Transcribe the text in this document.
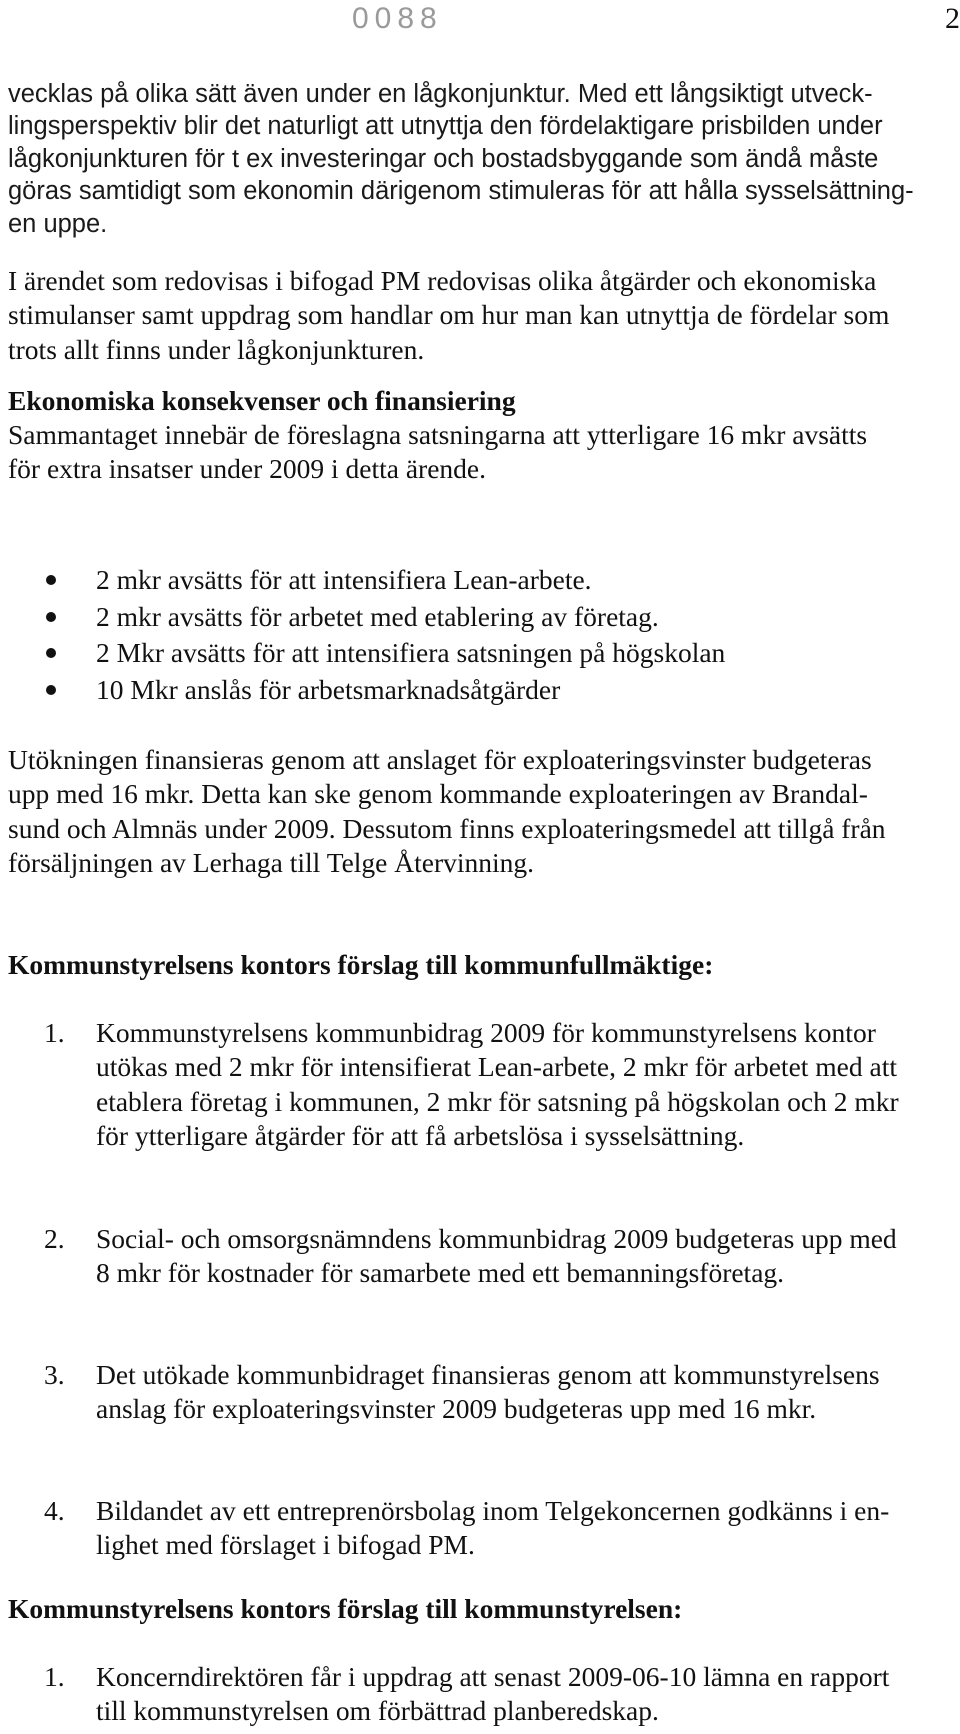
0088	2
vecklas på olika sätt även under en lågkonjunktur. Med ett långsiktigt utveck-
lingsperspektiv blir det naturligt att utnyttja den fördelaktigare prisbilden under
lågkonjunkturen för t ex investeringar och bostadsbyggande som ändå måste
göras samtidigt som ekonomin därigenom stimuleras för att hålla sysselsättning-
en uppe.
I ärendet som redovisas i bifogad PM redovisas olika åtgärder och ekonomiska
stimulanser samt uppdrag som handlar om hur man kan utnyttja de fördelar som
trots allt finns under lågkonjunkturen.
Ekonomiska konsekvenser och finansiering
Sammantaget innebär de föreslagna satsningarna att ytterligare 16 mkr avsätts
för extra insatser under 2009 i detta ärende.
2 mkr avsätts för att intensifiera Lean-arbete.
2 mkr avsätts för arbetet med etablering av företag.
2 Mkr avsätts för att intensifiera satsningen på högskolan
10 Mkr anslås för arbetsmarknadsåtgärder
Utökningen finansieras genom att anslaget för exploateringsvinster budgeteras
upp med 16 mkr. Detta kan ske genom kommande exploateringen av Brandal-
sund och Almnäs under 2009. Dessutom finns exploateringsmedel att tillgå från
försäljningen av Lerhaga till Telge Återvinning.
Kommunstyrelsens kontors förslag till kommunfullmäktige:
1. Kommunstyrelsens kommunbidrag 2009 för kommunstyrelsens kontor
utökas med 2 mkr för intensifierat Lean-arbete, 2 mkr för arbetet med att
etablera företag i kommunen, 2 mkr för satsning på högskolan och 2 mkr
för ytterligare åtgärder för att få arbetslösa i sysselsättning.
2. Social- och omsorgsnämndens kommunbidrag 2009 budgeteras upp med
8 mkr för kostnader för samarbete med ett bemanningsföretag.
3. Det utökade kommunbidraget finansieras genom att kommunstyrelsens
anslag för exploateringsvinster 2009 budgeteras upp med 16 mkr.
4. Bildandet av ett entreprenörsbolag inom Telgekoncernen godkänns i en-
lighet med förslaget i bifogad PM.
Kommunstyrelsens kontors förslag till kommunstyrelsen:
1. Koncerndirektören får i uppdrag att senast 2009-06-10 lämna en rapport
till kommunstyrelsen om förbättrad planberedskap.
